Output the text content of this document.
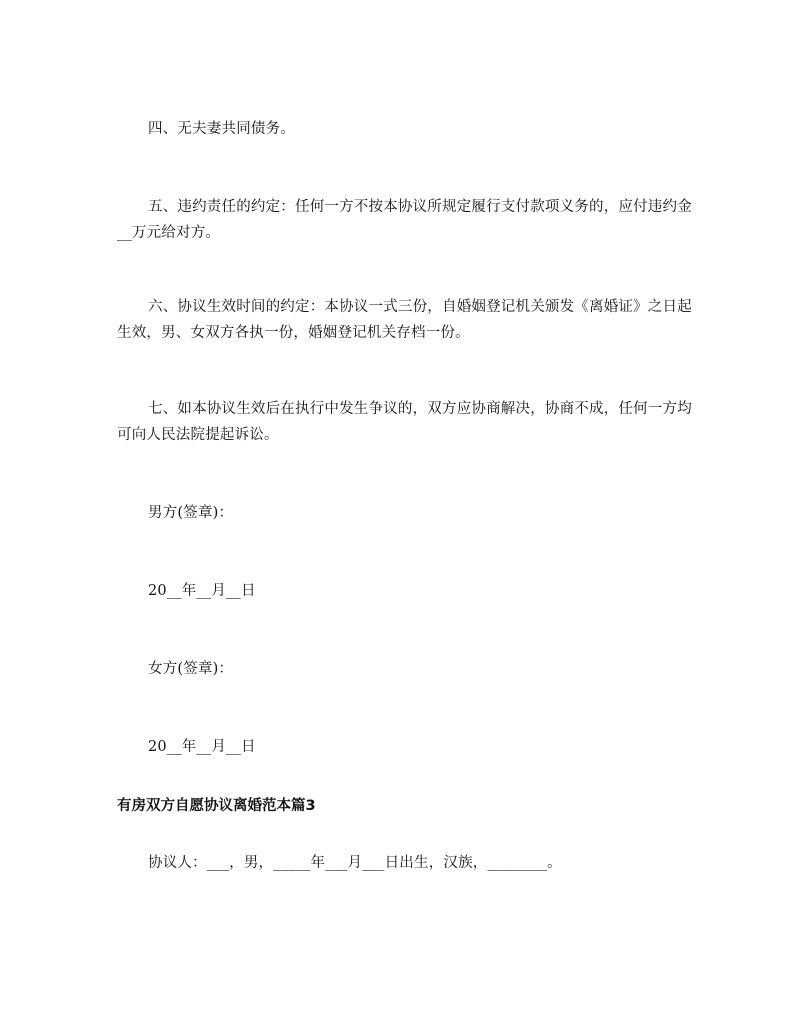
四、无夫妻共同债务。

五、违约责任的约定：任何一方不按本协议所规定履行支付款项义务的，应付违约金__万元给对方。

六、协议生效时间的约定：本协议一式三份，自婚姻登记机关颁发《离婚证》之日起生效，男、女双方各执一份，婚姻登记机关存档一份。

七、如本协议生效后在执行中发生争议的，双方应协商解决，协商不成，任何一方均可向人民法院提起诉讼。

男方(签章)：

20__年__月__日

女方(签章)：

20__年__月__日

有房双方自愿协议离婚范本篇3

协议人：___，男，_____年___月___日出生，汉族，________。
